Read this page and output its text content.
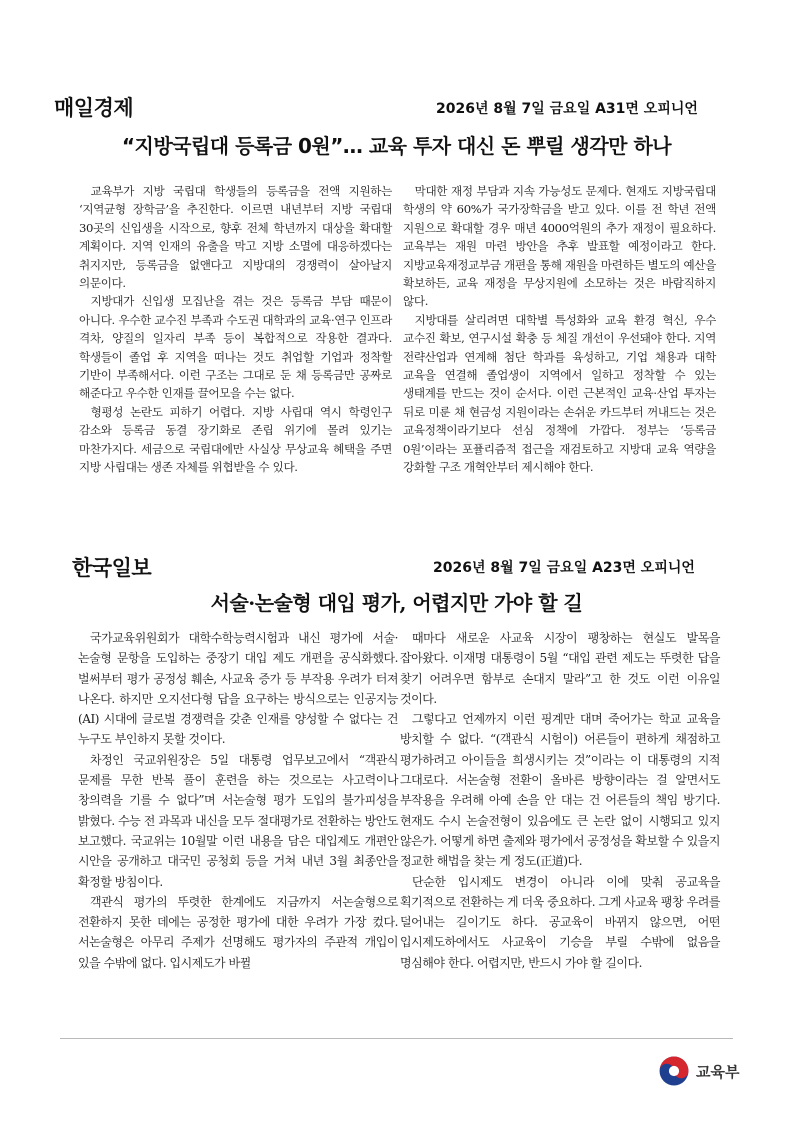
매일경제	2026년 8월 7일 금요일 A31면 오피니언
“지방국립대 등록금 0원”… 교육 투자 대신 돈 뿌릴 생각만 하나

교육부가 지방 국립대 학생들의 등록금을 전액 지원하는 ‘지역균형 장학금’을 추진한다. 이르면 내년부터 지방 국립대 30곳의 신입생을 시작으로, 향후 전체 학년까지 대상을 확대할 계획이다. 지역 인재의 유출을 막고 지방 소멸에 대응하겠다는 취지지만, 등록금을 없앤다고 지방대의 경쟁력이 살아날지 의문이다.

지방대가 신입생 모집난을 겪는 것은 등록금 부담 때문이 아니다. 우수한 교수진 부족과 수도권 대학과의 교육·연구 인프라 격차, 양질의 일자리 부족 등이 복합적으로 작용한 결과다. 학생들이 졸업 후 지역을 떠나는 것도 취업할 기업과 정착할 기반이 부족해서다. 이런 구조는 그대로 둔 채 등록금만 공짜로 해준다고 우수한 인재를 끌어모을 수는 없다.

형평성 논란도 피하기 어렵다. 지방 사립대 역시 학령인구 감소와 등록금 동결 장기화로 존립 위기에 몰려 있기는 마찬가지다. 세금으로 국립대에만 사실상 무상교육 혜택을 주면 지방 사립대는 생존 자체를 위협받을 수 있다.

막대한 재정 부담과 지속 가능성도 문제다. 현재도 지방국립대 학생의 약 60%가 국가장학금을 받고 있다. 이를 전 학년 전액 지원으로 확대할 경우 매년 4000억원의 추가 재정이 필요하다. 교육부는 재원 마련 방안을 추후 발표할 예정이라고 한다. 지방교육재정교부금 개편을 통해 재원을 마련하든 별도의 예산을 확보하든, 교육 재정을 무상지원에 소모하는 것은 바람직하지 않다.

지방대를 살리려면 대학별 특성화와 교육 환경 혁신, 우수 교수진 확보, 연구시설 확충 등 체질 개선이 우선돼야 한다. 지역 전략산업과 연계해 첨단 학과를 육성하고, 기업 채용과 대학 교육을 연결해 졸업생이 지역에서 일하고 정착할 수 있는 생태계를 만드는 것이 순서다. 이런 근본적인 교육·산업 투자는 뒤로 미룬 채 현금성 지원이라는 손쉬운 카드부터 꺼내드는 것은 교육정책이라기보다 선심 정책에 가깝다. 정부는 ‘등록금 0원’이라는 포퓰리즘적 접근을 재검토하고 지방대 교육 역량을 강화할 구조 개혁안부터 제시해야 한다.

한국일보	2026년 8월 7일 금요일 A23면 오피니언
서술·논술형 대입 평가, 어렵지만 가야 할 길

국가교육위원회가 대학수학능력시험과 내신 평가에 서술·논술형 문항을 도입하는 중장기 대입 제도 개편을 공식화했다. 벌써부터 평가 공정성 훼손, 사교육 증가 등 부작용 우려가 터져 나온다. 하지만 오지선다형 답을 요구하는 방식으로는 인공지능(AI) 시대에 글로벌 경쟁력을 갖춘 인재를 양성할 수 없다는 건 누구도 부인하지 못할 것이다.

차정인 국교위원장은 5일 대통령 업무보고에서 “객관식 문제를 무한 반복 풀이 훈련을 하는 것으로는 사고력이나 창의력을 기를 수 없다”며 서논술형 평가 도입의 불가피성을 밝혔다. 수능 전 과목과 내신을 모두 절대평가로 전환하는 방안도 보고했다. 국교위는 10월말 이런 내용을 담은 대입제도 개편안 시안을 공개하고 대국민 공청회 등을 거쳐 내년 3월 최종안을 확정할 방침이다.

객관식 평가의 뚜렷한 한계에도 지금까지 서논술형으로 전환하지 못한 데에는 공정한 평가에 대한 우려가 가장 컸다. 서논술형은 아무리 주제가 선명해도 평가자의 주관적 개입이 있을 수밖에 없다. 입시제도가 바뀔

때마다 새로운 사교육 시장이 팽창하는 현실도 발목을 잡아왔다. 이재명 대통령이 5월 “대입 관련 제도는 뚜렷한 답을 찾기 어려우면 함부로 손대지 말라”고 한 것도 이런 이유일 것이다.

그렇다고 언제까지 이런 핑계만 대며 죽어가는 학교 교육을 방치할 수 없다. “(객관식 시험이) 어른들이 편하게 채점하고 평가하려고 아이들을 희생시키는 것”이라는 이 대통령의 지적 그대로다. 서논술형 전환이 올바른 방향이라는 걸 알면서도 부작용을 우려해 아예 손을 안 대는 건 어른들의 책임 방기다. 현재도 수시 논술전형이 있음에도 큰 논란 없이 시행되고 있지 않은가. 어떻게 하면 출제와 평가에서 공정성을 확보할 수 있을지 정교한 해법을 찾는 게 정도(正道)다.

단순한 입시제도 변경이 아니라 이에 맞춰 공교육을 획기적으로 전환하는 게 더욱 중요하다. 그게 사교육 팽창 우려를 덜어내는 길이기도 하다. 공교육이 바뀌지 않으면, 어떤 입시제도하에서도 사교육이 기승을 부릴 수밖에 없음을 명심해야 한다. 어렵지만, 반드시 가야 할 길이다.

교육부
